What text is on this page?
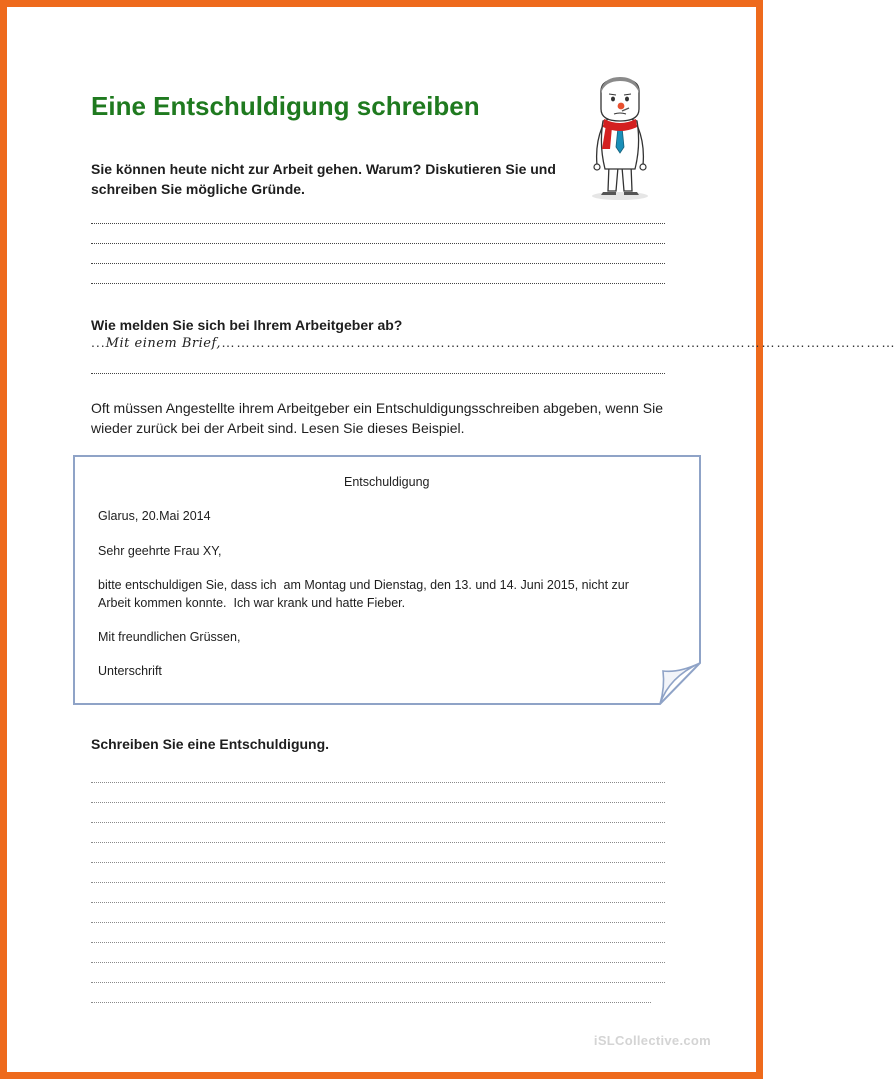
Eine Entschuldigung schreiben
Sie können heute nicht zur Arbeit gehen. Warum? Diskutieren Sie und schreiben Sie mögliche Gründe.
Wie melden Sie sich bei Ihrem Arbeitgeber ab?
...Mit einem Brief,………………………………………………………………………………………………………………………
Oft müssen Angestellte ihrem Arbeitgeber ein Entschuldigungsschreiben abgeben, wenn Sie wieder zurück bei der Arbeit sind. Lesen Sie dieses Beispiel.
Entschuldigung
Glarus, 20.Mai 2014
Sehr geehrte Frau XY,
bitte entschuldigen Sie, dass ich  am Montag und Dienstag, den 13. und 14. Juni 2015, nicht zur
Arbeit kommen konnte.  Ich war krank und hatte Fieber.
Mit freundlichen Grüssen,
Unterschrift
Schreiben Sie eine Entschuldigung.
iSLCollective.com
